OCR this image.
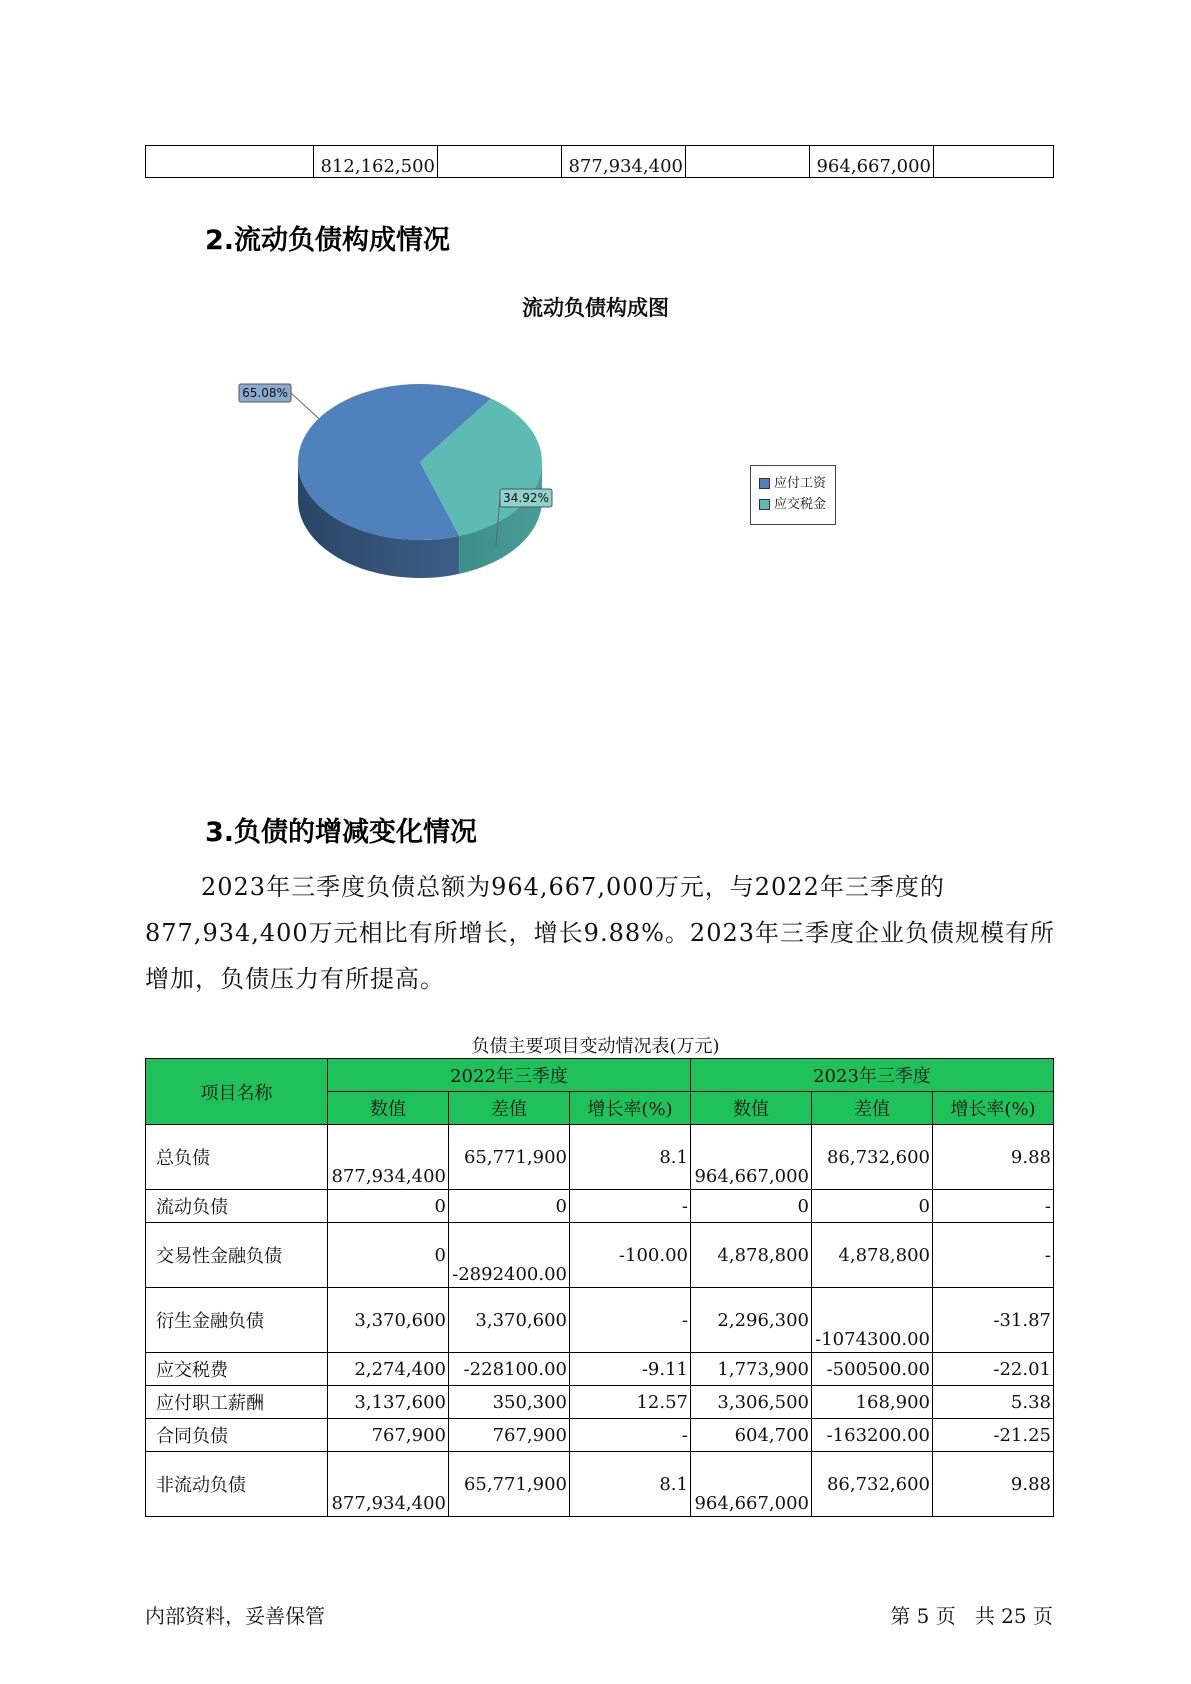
	812,162,500		877,934,400		964,667,000	
2.流动负债构成情况
流动负债构成图
65.08%
34.92%
应付工资
应交税金
3.负债的增减变化情况
2023年三季度负债总额为964,667,000万元，与2022年三季度的877,934,400万元相比有所增长，增长9.88%。2023年三季度企业负债规模有所增加，负债压力有所提高。
负债主要项目变动情况表(万元)
项目名称	2022年三季度			2023年三季度		
	数值	差值	增长率(%)	数值	差值	增长率(%)
总负债	877,934,400	65,771,900	8.1	964,667,000	86,732,600	9.88
流动负债	0	0	-	0	0	-
交易性金融负债	0	-2892400.00	-100.00	4,878,800	4,878,800	-
衍生金融负债	3,370,600	3,370,600	-	2,296,300	-1074300.00	-31.87
应交税费	2,274,400	-228100.00	-9.11	1,773,900	-500500.00	-22.01
应付职工薪酬	3,137,600	350,300	12.57	3,306,500	168,900	5.38
合同负债	767,900	767,900	-	604,700	-163200.00	-21.25
非流动负债	877,934,400	65,771,900	8.1	964,667,000	86,732,600	9.88
内部资料，妥善保管	第 5 页   共 25 页
